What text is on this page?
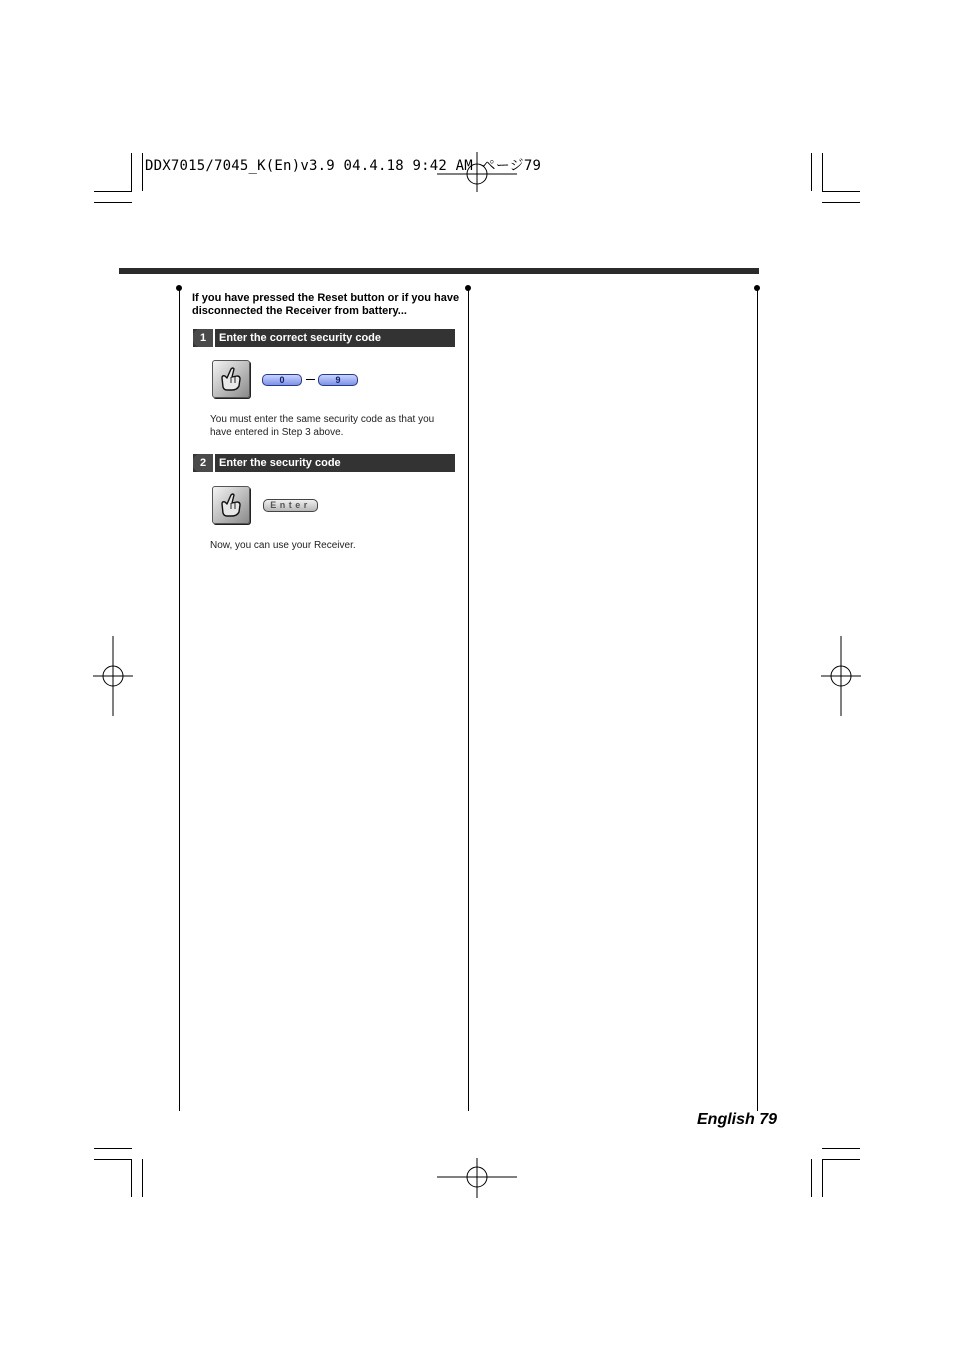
DDX7015/7045_K(En)v3.9 04.4.18 9:42 AM ページ79
If you have pressed the Reset button or if you have disconnected the Receiver from battery...
1	Enter the correct security code
0	9
You must enter the same security code as that you have entered in Step 3 above.
2	Enter the security code
Enter
Now, you can use your Receiver.
English 79
